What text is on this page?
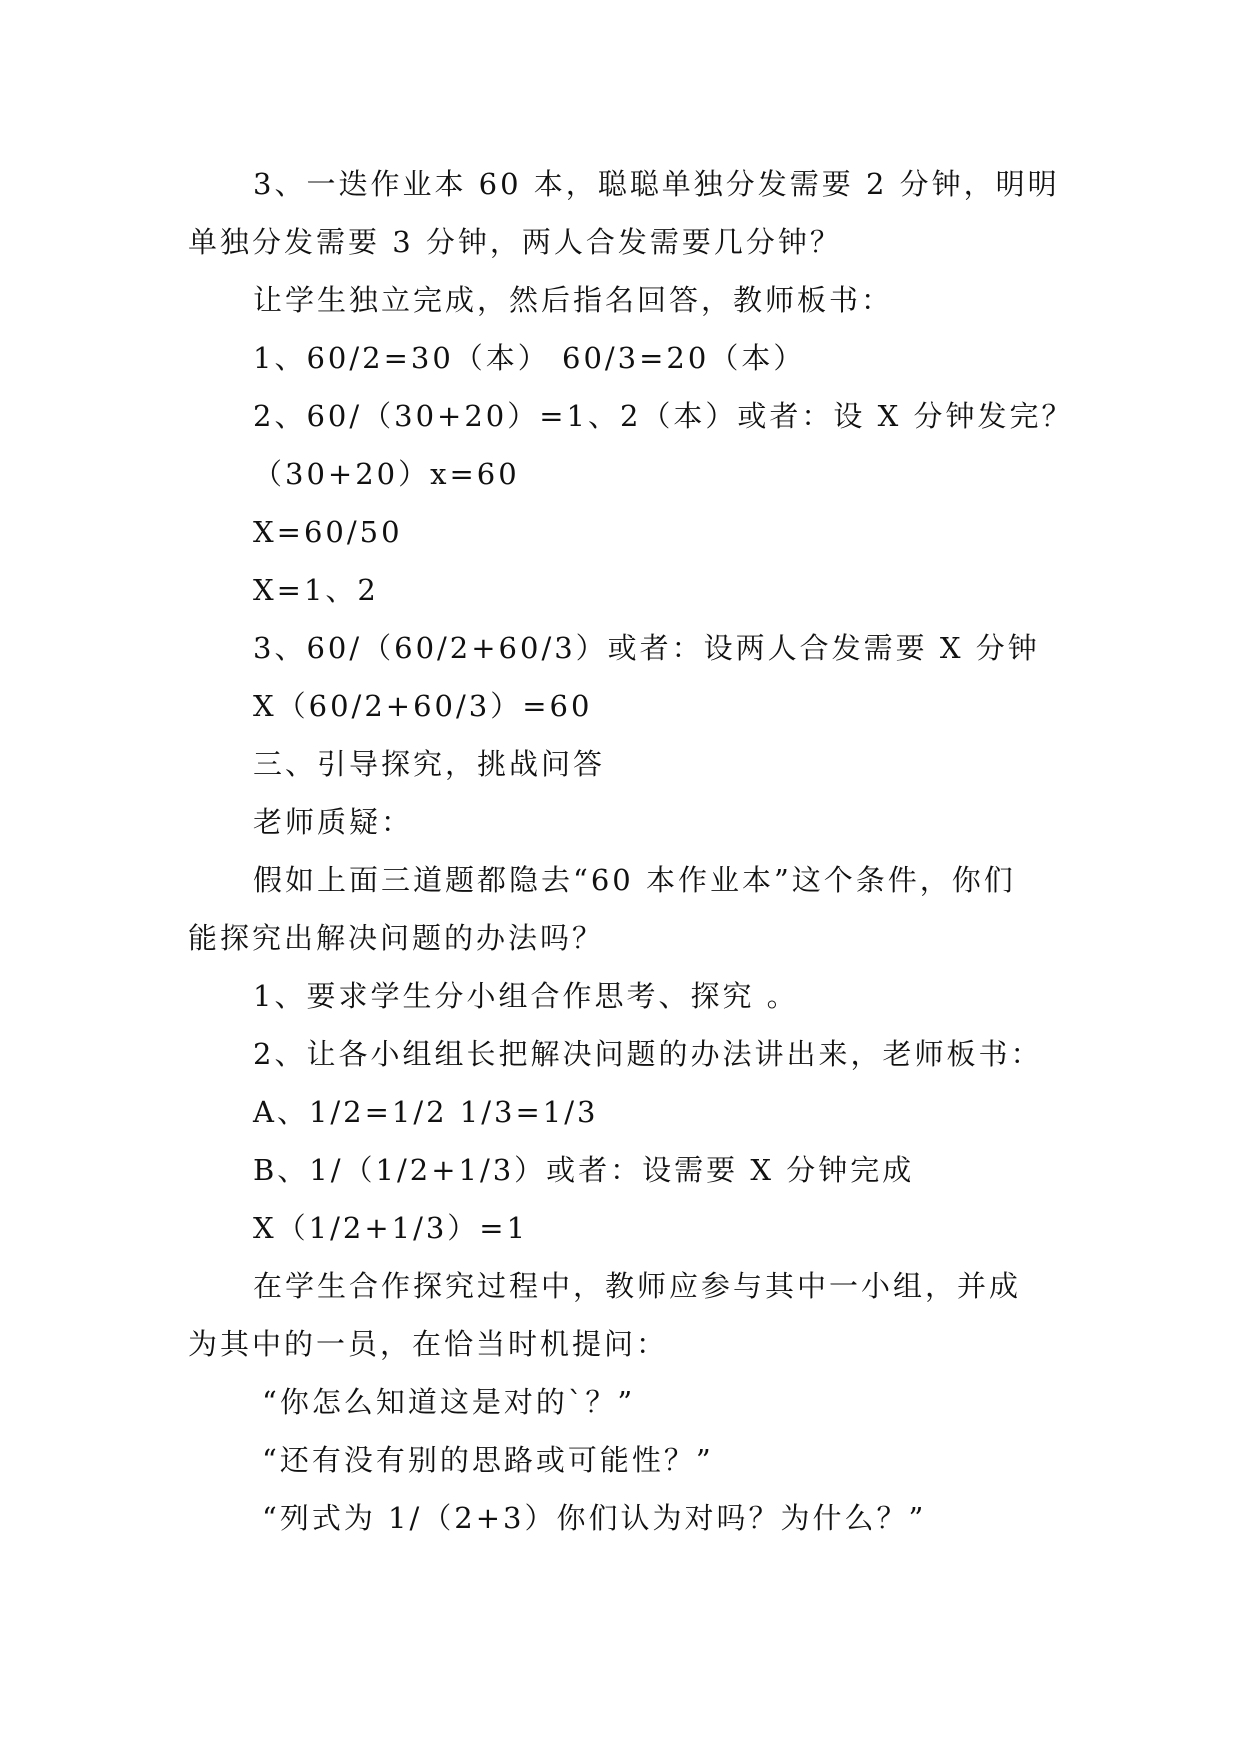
3、一迭作业本 60 本，聪聪单独分发需要 2 分钟，明明
单独分发需要 3 分钟，两人合发需要几分钟？
让学生独立完成，然后指名回答，教师板书：
1、60/2=30（本） 60/3=20（本）
2、60/（30+20）=1、2（本）或者：设 X 分钟发完？
（30+20）x=60
X=60/50
X=1、2
3、60/（60/2+60/3）或者：设两人合发需要 X 分钟
X（60/2+60/3）=60
三、引导探究，挑战问答
老师质疑：
假如上面三道题都隐去“60 本作业本”这个条件，你们
能探究出解决问题的办法吗？
1、要求学生分小组合作思考、探究 。
2、让各小组组长把解决问题的办法讲出来，老师板书：
A、1/2=1/2 1/3=1/3
B、1/（1/2+1/3）或者：设需要 X 分钟完成
X（1/2+1/3）=1
在学生合作探究过程中，教师应参与其中一小组，并成
为其中的一员，在恰当时机提问：
“你怎么知道这是对的`？”
“还有没有别的思路或可能性？”
“列式为 1/（2+3）你们认为对吗？为什么？”
